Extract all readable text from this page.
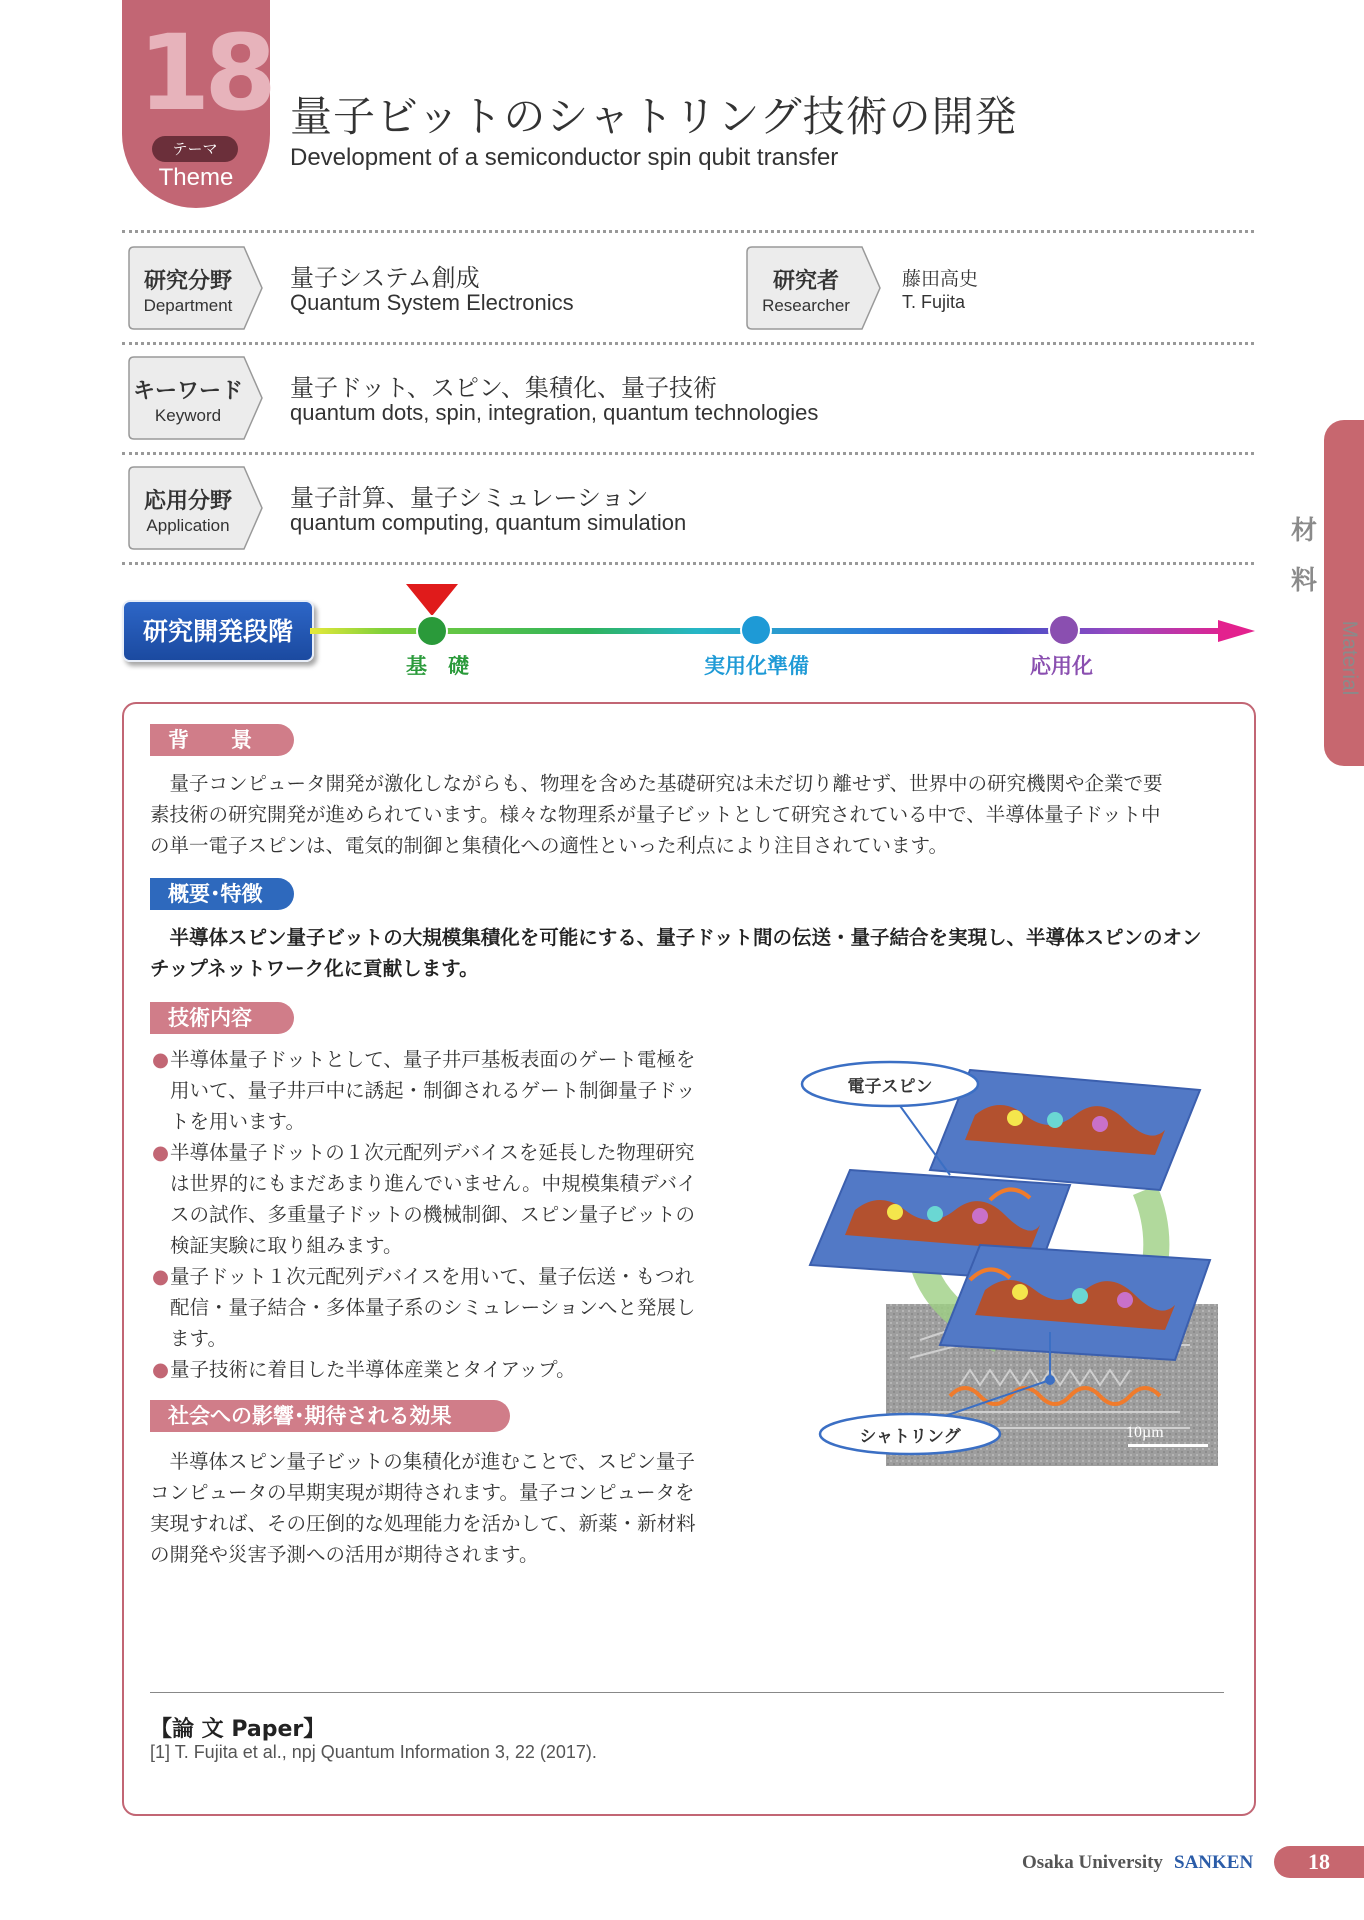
18
テーマ
Theme
量子ビットのシャトリング技術の開発
Development of a semiconductor spin qubit transfer
研究分野
Department
量子システム創成
Quantum System Electronics
研究者
Researcher
藤田高史
T. Fujita
キーワード
Keyword
量子ドット、スピン、集積化、量子技術
quantum dots, spin, integration, quantum technologies
応用分野
Application
量子計算、量子シミュレーション
quantum computing, quantum simulation
研究開発段階
基　礎	実用化準備	応用化
背　　景
　量子コンピュータ開発が激化しながらも、物理を含めた基礎研究は未だ切り離せず、世界中の研究機関や企業で要
素技術の研究開発が進められています。様々な物理系が量子ビットとして研究されている中で、半導体量子ドット中
の単一電子スピンは、電気的制御と集積化への適性といった利点により注目されています。
概要･特徴
　半導体スピン量子ビットの大規模集積化を可能にする、量子ドット間の伝送・量子結合を実現し、半導体スピンのオン
チップネットワーク化に貢献します。
技術内容
● 半導体量子ドットとして、量子井戸基板表面のゲート電極を
用いて、量子井戸中に誘起・制御されるゲート制御量子ドッ
トを用います。
● 半導体量子ドットの１次元配列デバイスを延長した物理研究
は世界的にもまだあまり進んでいません。中規模集積デバイ
スの試作、多重量子ドットの機械制御、スピン量子ビットの
検証実験に取り組みます。
● 量子ドット１次元配列デバイスを用いて、量子伝送・もつれ
配信・量子結合・多体量子系のシミュレーションへと発展し
ます。
● 量子技術に着目した半導体産業とタイアップ。
社会への影響･期待される効果
　半導体スピン量子ビットの集積化が進むことで、スピン量子
コンピュータの早期実現が期待されます。量子コンピュータを
実現すれば、その圧倒的な処理能力を活かして、新薬・新材料
の開発や災害予測への活用が期待されます。
電子スピン
シャトリング	10µm
【論 文 Paper】
[1] T. Fujita et al., npj Quantum Information 3, 22 (2017).
材
料
Material
Osaka University SANKEN	18
